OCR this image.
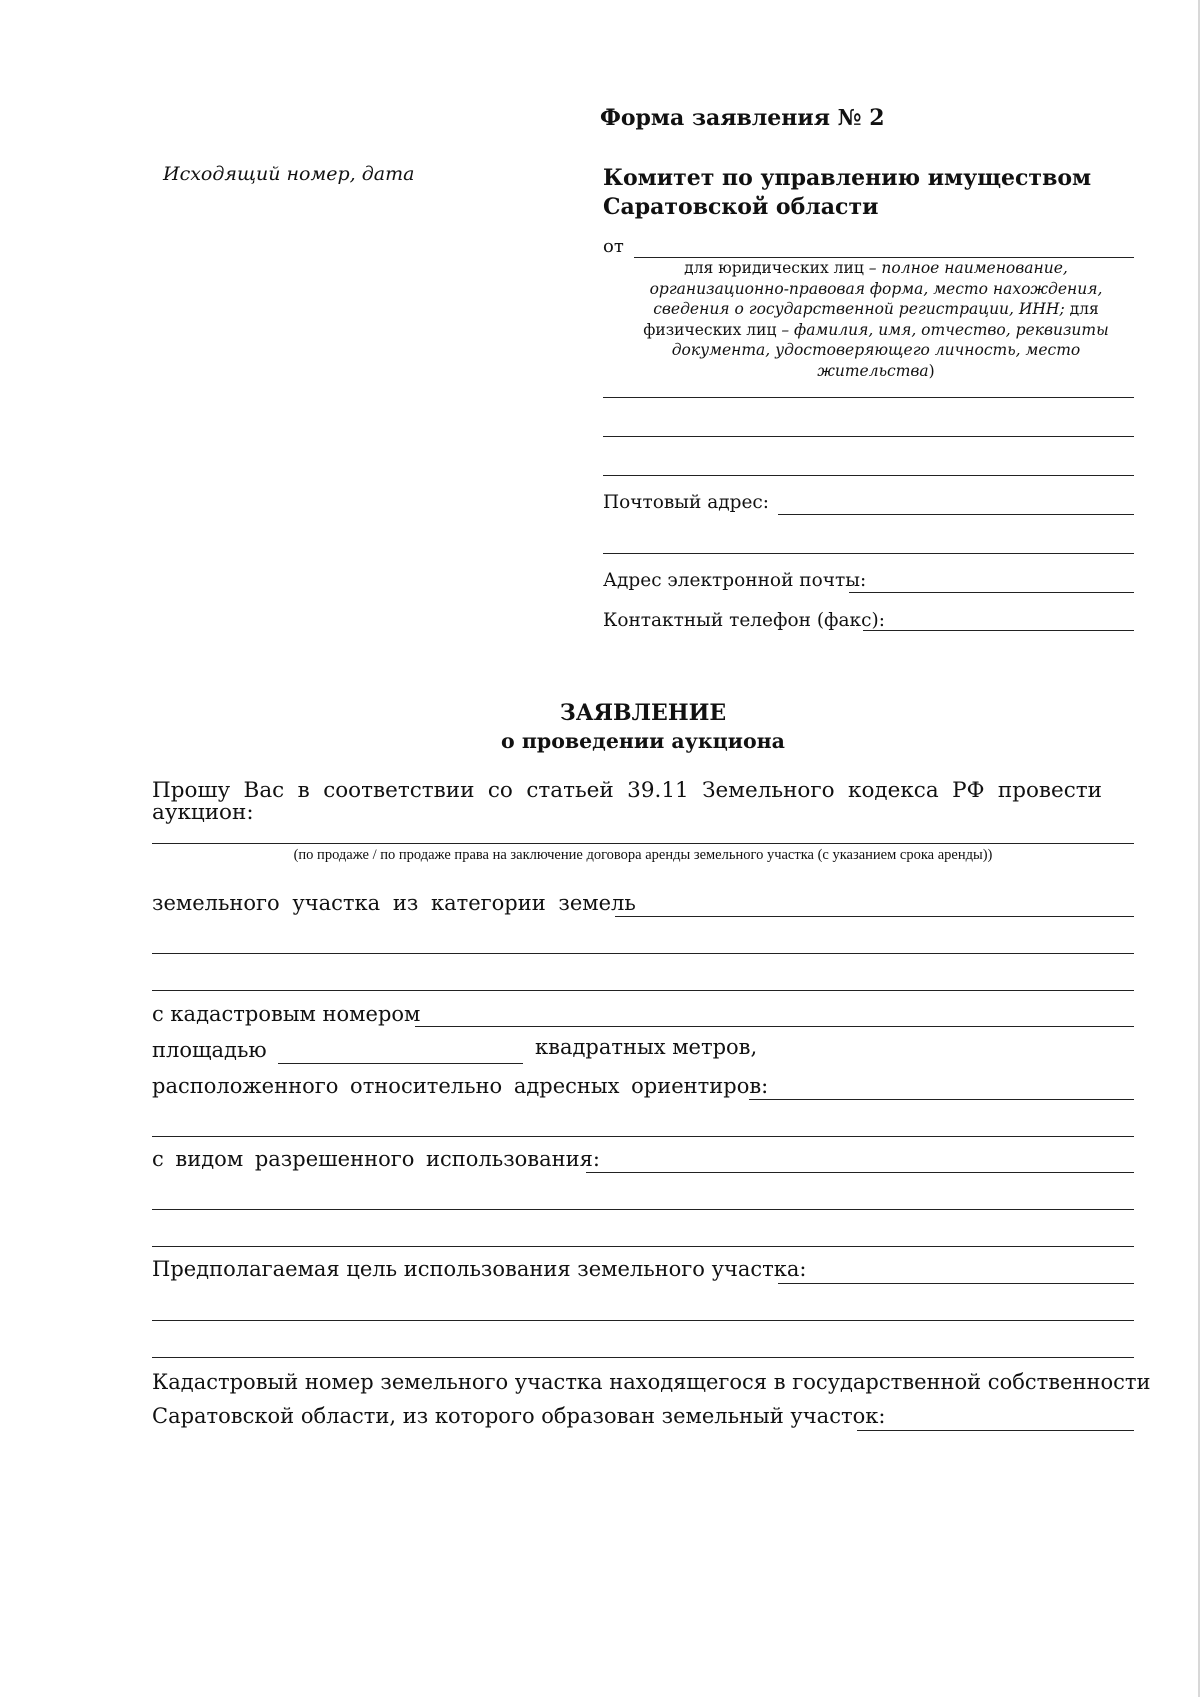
Форма заявления № 2
Исходящий номер, дата	Комитет по управлению имуществом
Саратовской области
от
для юридических лиц – полное наименование, организационно-правовая форма, место нахождения, сведения о государственной регистрации, ИНН; для физических лиц – фамилия, имя, отчество, реквизиты документа, удостоверяющего личность, место жительства)
Почтовый адрес:
Адрес электронной почты:
Контактный телефон (факс):
ЗАЯВЛЕНИЕ
о проведении аукциона
Прошу Вас в соответствии со статьей 39.11 Земельного кодекса РФ провести аукцион:
(по продаже / по продаже права на заключение договора аренды земельного участка (с указанием срока аренды))
земельного участка из категории земель
с кадастровым номером
площадью	квадратных метров,
расположенного относительно адресных ориентиров:
с видом разрешенного использования:
Предполагаемая цель использования земельного участка:
Кадастровый номер земельного участка находящегося в государственной собственности
Саратовской области, из которого образован земельный участок:
